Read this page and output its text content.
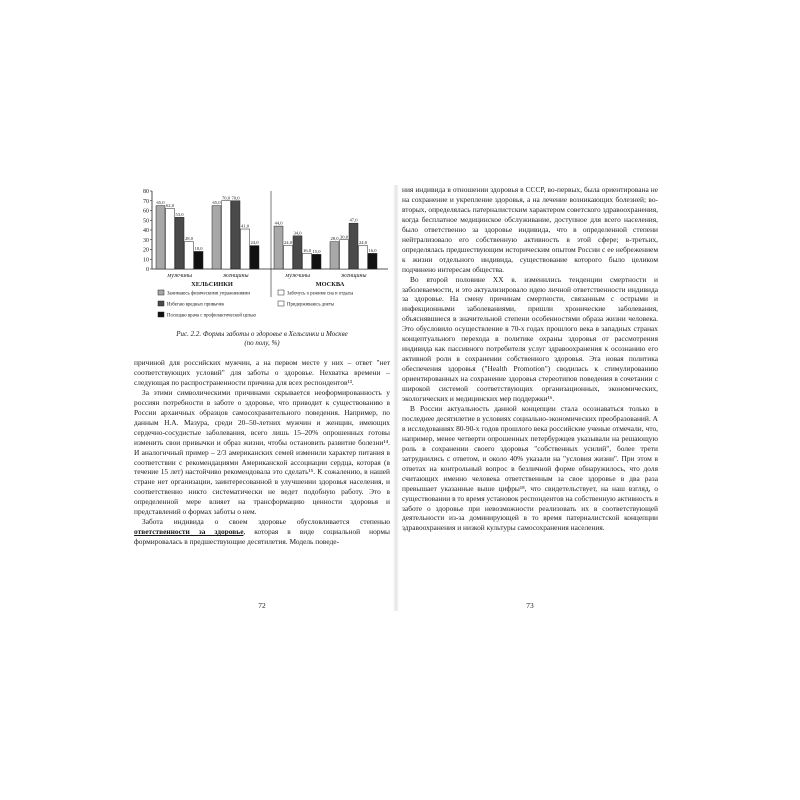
0
10
20
30
40
50
60
70
80
65,0
62,0
53,0
28,0
18,0
мужчины
65,0
70,0 70,0
41,0
24,0
женщины
44,0
24,0
34,0
16,0 15,0
мужчины
28,0 30,0
47,0
24,0
16,0
женщины
ХЕЛЬСИНКИ	МОСКВА
Занимаюсь физическими упражнениями	Забочусь о режиме сна и отдыха
Избегаю вредных привычек	Придерживаюсь диеты
Посещаю врача с профилактической целью
Рис. 2.2. Формы заботы о здоровье в Хельсинки и Москве
(по полу, %)

причиной для российских мужчин, а на первом месте у них – ответ "нет соответствующих условий" для заботы о здоровье. Нехватка времени – следующая по распространенности причина для всех респондентов¹³.

За этими символическими причинами скрывается неоформированность у россиян потребности в заботе о здоровье, что приводит к существованию в России архаичных образцов самосохранительного поведения. Например, по данным Н.А. Мазура, среди 20–50-летних мужчин и женщин, имеющих сердечно-сосудистые заболевания, всего лишь 15–20% опрошенных готовы изменить свои привычки и образ жизни, чтобы остановить развитие болезни¹⁴. И аналогичный пример – 2/3 американских семей изменили характер питания в соответствии с рекомендациями Американской ассоциации сердца, которая (в течение 15 лет) настойчиво рекомендовала это сделать¹⁵. К сожалению, в нашей стране нет организации, заинтересованной в улучшении здоровья населения, и соответственно никто систематически не ведет подобную работу. Это в определенной мере влияет на трансформацию ценности здоровья и представлений о формах заботы о нем.

Забота индивида о своем здоровье обусловливается степенью ответственности за здоровье, которая в виде социальной нормы формировалась в предшествующие десятилетия. Модель поведе-

72

ния индивида в отношении здоровья в СССР, во-первых, была ориентирована не на сохранение и укрепление здоровья, а на лечение возникающих болезней; во-вторых, определялась патерналистским характером советского здравоохранения, когда бесплатное медицинское обслуживание, доступное для всего населения, было ответственно за здоровье индивида, что в определенной степени нейтрализовало его собственную активность в этой сфере; в-третьих, определялась предшествующим историческим опытом России с ее небрежением к жизни отдельного индивида, существование которого было целиком подчинено интересам общества.

Во второй половине XX в. изменились тенденции смертности и заболеваемости, и это актуализировало идею личной ответственности индивида за здоровье. На смену причинам смертности, связанным с острыми и инфекционными заболеваниями, пришли хронические заболевания, объяснявшиеся в значительной степени особенностями образа жизни человека. Это обусловило осуществление в 70-х годах прошлого века в западных странах концептуального перехода в политике охраны здоровья от рассмотрения индивида как пассивного потребителя услуг здравоохранения к осознанию его активной роли в сохранении собственного здоровья. Эта новая политика обеспечения здоровья ("Health Promotion") сводилась к стимулированию ориентированных на сохранение здоровья стереотипов поведения в сочетании с широкой системой соответствующих организационных, экономических, экологических и медицинских мер поддержки¹⁶.

В России актуальность данной концепции стала осознаваться только в последнее десятилетие в условиях социально-экономических преобразований. А в исследованиях 80-90-х годов прошлого века российские ученые отмечали, что, например, менее четверти опрошенных петербуржцев указывали на решающую роль в сохранении своего здоровья "собственных усилий", более трети затруднились с ответом, и около 40% указали на "условия жизни". При этом в ответах на контрольный вопрос в безличной форме обнаружилось, что доля считающих именно человека ответственным за свое здоровье в два раза превышает указанные выше цифры¹⁸, что свидетельствует, на наш взгляд, о существовании в то время установок респондентов на собственную активность в заботе о здоровье при невозможности реализовать их в соответствующей деятельности из-за доминирующей в то время патерналистской концепции здравоохранения и низкой культуры самосохранения населения.

73
